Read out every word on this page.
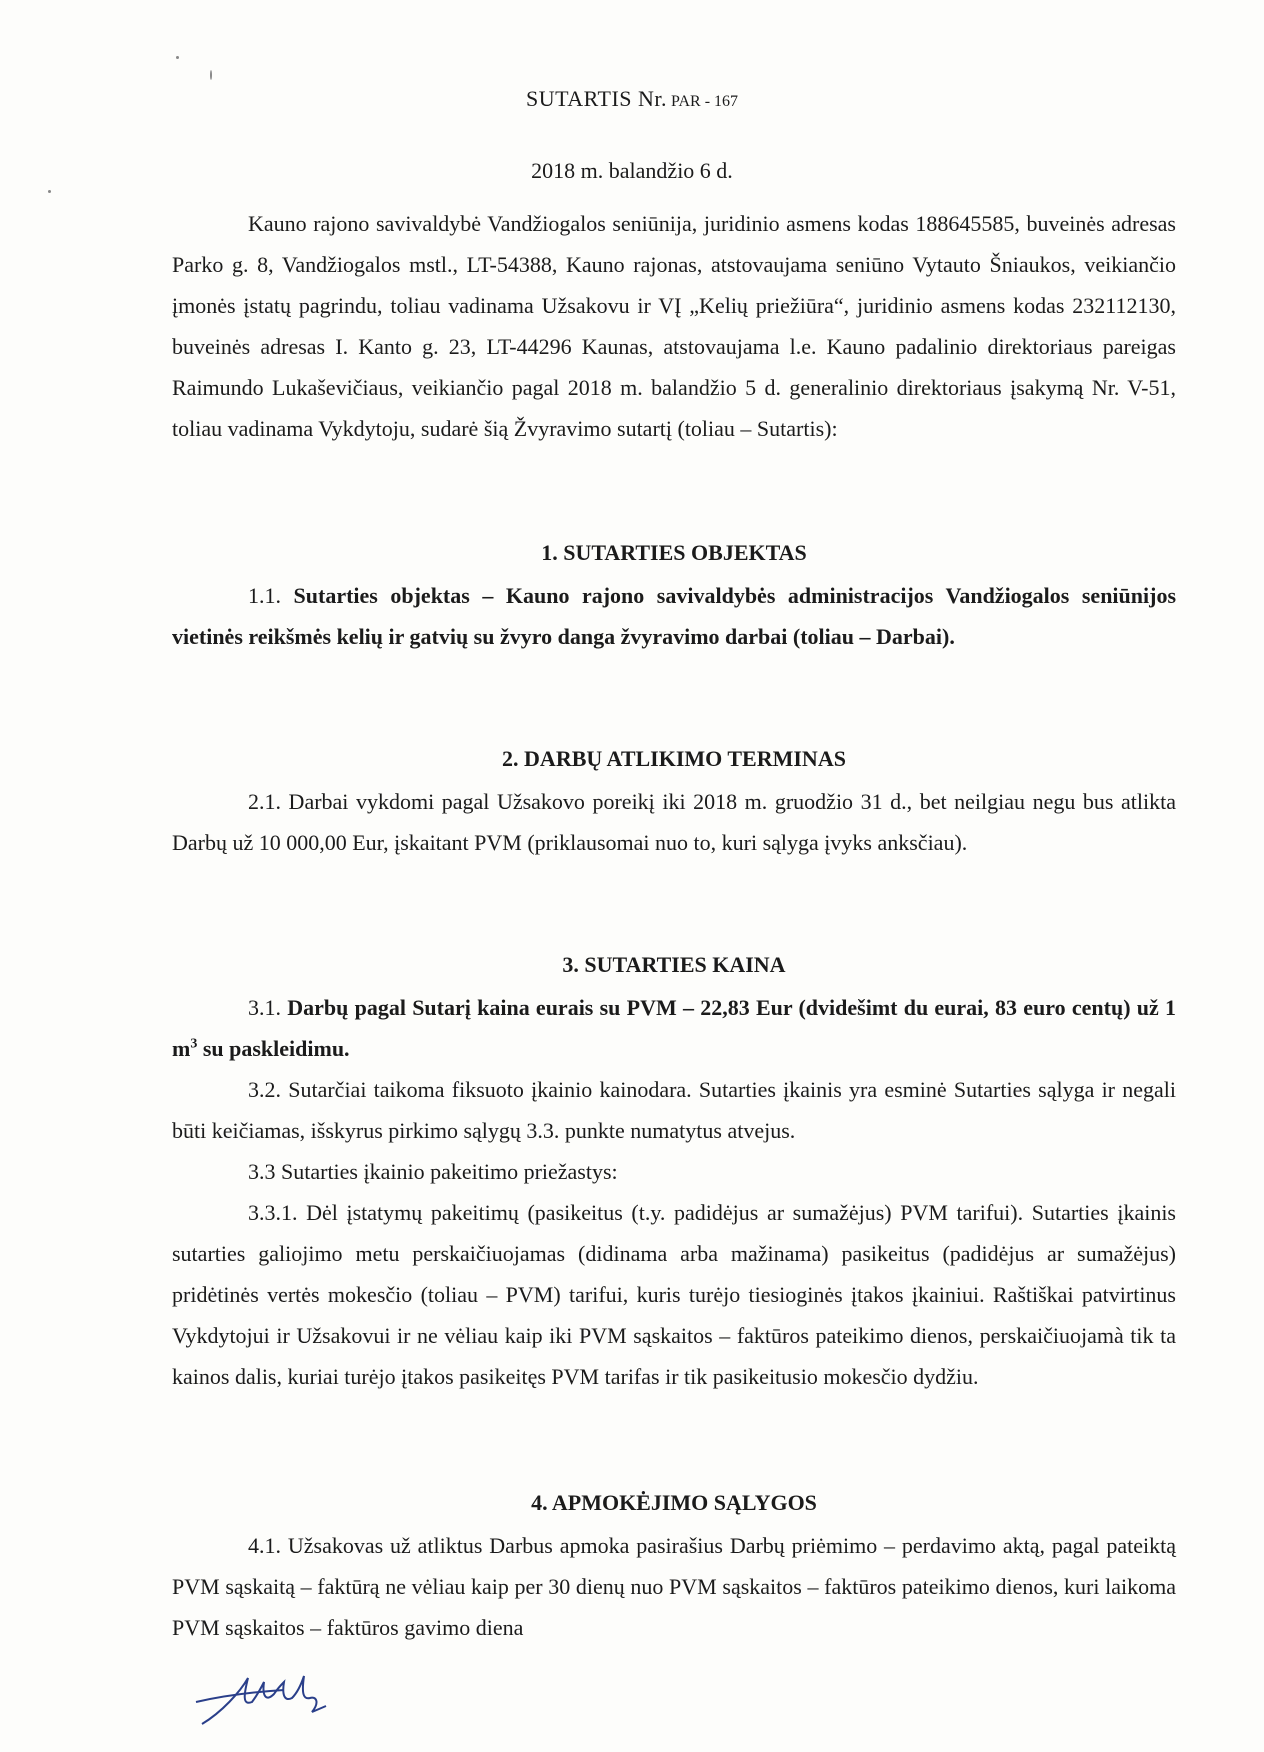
SUTARTIS Nr. PAR - 167
2018 m. balandžio 6 d.

Kauno rajono savivaldybė Vandžiogalos seniūnija, juridinio asmens kodas 188645585, buveinės adresas Parko g. 8, Vandžiogalos mstl., LT-54388, Kauno rajonas, atstovaujama seniūno Vytauto Šniaukos, veikiančio įmonės įstatų pagrindu, toliau vadinama Užsakovu ir VĮ „Kelių priežiūra“, juridinio asmens kodas 232112130, buveinės adresas I. Kanto g. 23, LT-44296 Kaunas, atstovaujama l.e. Kauno padalinio direktoriaus pareigas Raimundo Lukaševičiaus, veikiančio pagal 2018 m. balandžio 5 d. generalinio direktoriaus įsakymą Nr. V-51, toliau vadinama Vykdytoju, sudarė šią Žvyravimo sutartį (toliau – Sutartis):

1. SUTARTIES OBJEKTAS

1.1. Sutarties objektas – Kauno rajono savivaldybės administracijos Vandžiogalos seniūnijos vietinės reikšmės kelių ir gatvių su žvyro danga žvyravimo darbai (toliau – Darbai).

2. DARBŲ ATLIKIMO TERMINAS

2.1. Darbai vykdomi pagal Užsakovo poreikį iki 2018 m. gruodžio 31 d., bet neilgiau negu bus atlikta Darbų už 10 000,00 Eur, įskaitant PVM (priklausomai nuo to, kuri sąlyga įvyks anksčiau).

3. SUTARTIES KAINA

3.1. Darbų pagal Sutarį kaina eurais su PVM – 22,83 Eur (dvidešimt du eurai, 83 euro centų) už 1 $m^3$ su paskleidimu.

3.2. Sutarčiai taikoma fiksuoto įkainio kainodara. Sutarties įkainis yra esminė Sutarties sąlyga ir negali būti keičiamas, išskyrus pirkimo sąlygų 3.3. punkte numatytus atvejus.

3.3 Sutarties įkainio pakeitimo priežastys:

3.3.1. Dėl įstatymų pakeitimų (pasikeitus (t.y. padidėjus ar sumažėjus) PVM tarifui). Sutarties įkainis sutarties galiojimo metu perskaičiuojamas (didinama arba mažinama) pasikeitus (padidėjus ar sumažėjus) pridėtinės vertės mokesčio (toliau – PVM) tarifui, kuris turėjo tiesioginės įtakos įkainiui. Raštiškai patvirtinus Vykdytojui ir Užsakovui ir ne vėliau kaip iki PVM sąskaitos – faktūros pateikimo dienos, perskaičiuojamà tik ta kainos dalis, kuriai turėjo įtakos pasikeitęs PVM tarifas ir tik pasikeitusio mokesčio dydžiu.

4. APMOKĖJIMO SĄLYGOS

4.1. Užsakovas už atliktus Darbus apmoka pasirašius Darbų priėmimo – perdavimo aktą, pagal pateiktą PVM sąskaitą – faktūrą ne vėliau kaip per 30 dienų nuo PVM sąskaitos – faktūros pateikimo dienos, kuri laikoma PVM sąskaitos – faktūros gavimo diena
